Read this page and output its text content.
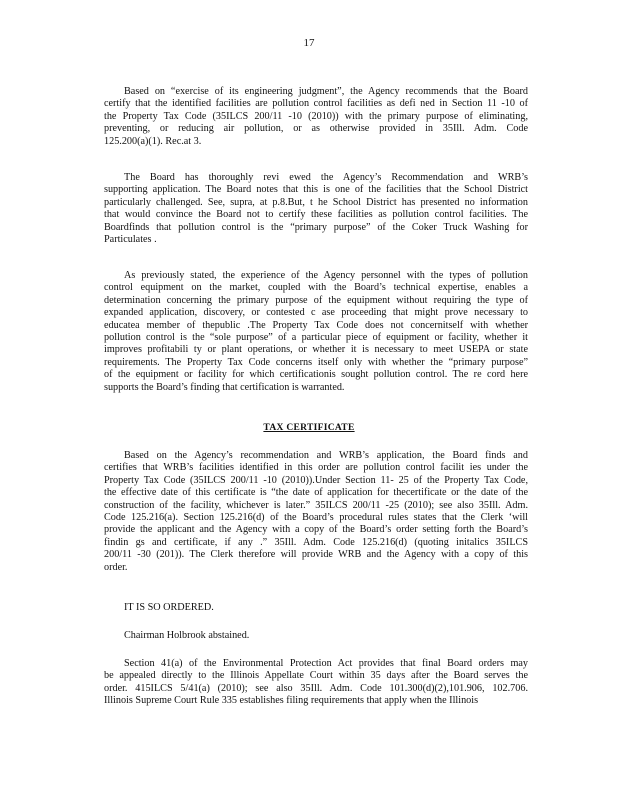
17
Based on “exercise of its engineering judgment”, the Agency recommends that the Board
certify that the identified facilities are pollution control facilities as defi ned in Section 11 -10 of
the Property Tax Code (35ILCS 200/11 -10 (2010)) with the primary purpose of eliminating,
preventing, or reducing air pollution, or as otherwise provided in 35Ill. Adm. Code
125.200(a)(1). Rec.at 3.
The Board has thoroughly revi ewed the Agency’s Recommendation and WRB’s
supporting application. The Board notes that this is one of the facilities that the School District
particularly challenged. See, supra, at p.8.But, t he School District has presented no information
that would convince the Board not to certify these facilities as pollution control facilities. The
Boardfinds that pollution control is the “primary purpose” of the Coker Truck Washing for
Particulates .
As previously stated, the experience of the Agency personnel with the types of pollution
control equipment on the market, coupled with the Board’s technical expertise, enables a
determination concerning the primary purpose of the equipment without requiring the type of
expanded application, discovery, or contested c ase proceeding that might prove necessary to
educatea member of thepublic .The Property Tax Code does not concernitself with whether
pollution control is the “sole purpose” of a particular piece of equipment or facility, whether it
improves profitabili ty or plant operations, or whether it is necessary to meet USEPA or state
requirements. The Property Tax Code concerns itself only with whether the “primary purpose”
of the equipment or facility for which certificationis sought pollution control. The re cord here
supports the Board’s finding that certification is warranted.
TAX CERTIFICATE
Based on the Agency’s recommendation and WRB’s application, the Board finds and
certifies that WRB’s facilities identified in this order are pollution control facilit ies under the
Property Tax Code (35ILCS 200/11 -10 (2010)).Under Section 11- 25 of the Property Tax Code,
the effective date of this certificate is “the date of application for thecertificate or the date of the
construction of the facility, whichever is later.” 35ILCS 200/11 -25 (2010); see also 35Ill. Adm.
Code 125.216(a). Section 125.216(d) of the Board’s procedural rules states that the Clerk ‘will
provide the applicant and the Agency with a copy of the Board’s order setting forth the Board’s
findin gs and certificate, if any .” 35Ill. Adm. Code 125.216(d) (quoting initalics 35ILCS
200/11 -30 (201)). The Clerk therefore will provide WRB and the Agency with a copy of this
order.
IT IS SO ORDERED.
Chairman Holbrook abstained.
Section 41(a) of the Environmental Protection Act provides that final Board orders may
be appealed directly to the Illinois Appellate Court within 35 days after the Board serves the
order. 415ILCS 5/41(a) (2010); see also 35Ill. Adm. Code 101.300(d)(2),101.906, 102.706.
Illinois Supreme Court Rule 335 establishes filing requirements that apply when the Illinois
